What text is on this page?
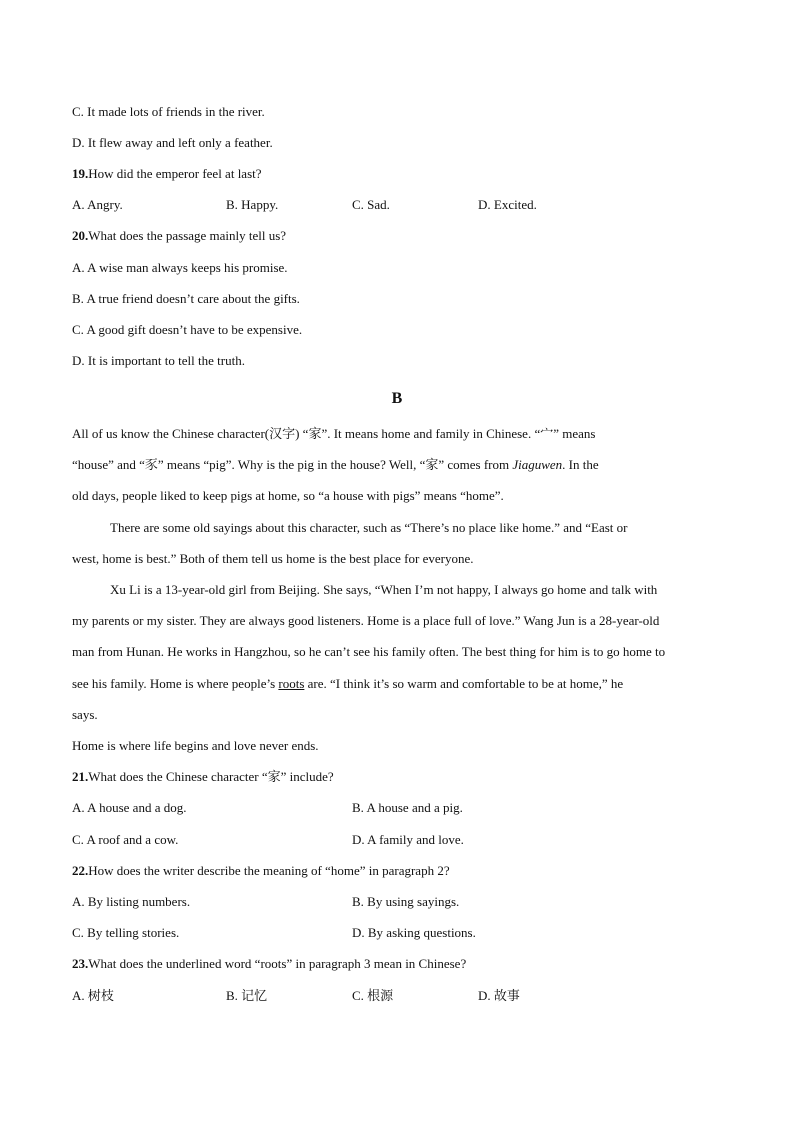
C. It made lots of friends in the river.
D. It flew away and left only a feather.
19.How did the emperor feel at last?
A. Angry.	B. Happy.	C. Sad.	D. Excited.
20.What does the passage mainly tell us?
A. A wise man always keeps his promise.
B. A true friend doesn’t care about the gifts.
C. A good gift doesn’t have to be expensive.
D. It is important to tell the truth.
B
All of us know the Chinese character(汉字) “家”. It means home and family in Chinese. “宀” means
“house” and “豕” means “pig”. Why is the pig in the house? Well, “家” comes from Jiaguwen. In the
old days, people liked to keep pigs at home, so “a house with pigs” means “home”.
There are some old sayings about this character, such as “There’s no place like home.” and “East or
west, home is best.” Both of them tell us home is the best place for everyone.
Xu Li is a 13-year-old girl from Beijing. She says, “When I’m not happy, I always go home and talk with
my parents or my sister. They are always good listeners. Home is a place full of love.” Wang Jun is a 28-year-old
man from Hunan. He works in Hangzhou, so he can’t see his family often. The best thing for him is to go home to
see his family. Home is where people’s roots are. “I think it’s so warm and comfortable to be at home,” he
says.
Home is where life begins and love never ends.
21.What does the Chinese character “家” include?
A. A house and a dog.	B. A house and a pig.
C. A roof and a cow.	D. A family and love.
22.How does the writer describe the meaning of “home” in paragraph 2?
A. By listing numbers.	B. By using sayings.
C. By telling stories.	D. By asking questions.
23.What does the underlined word “roots” in paragraph 3 mean in Chinese?
A. 树枝	B. 记忆	C. 根源	D. 故事
